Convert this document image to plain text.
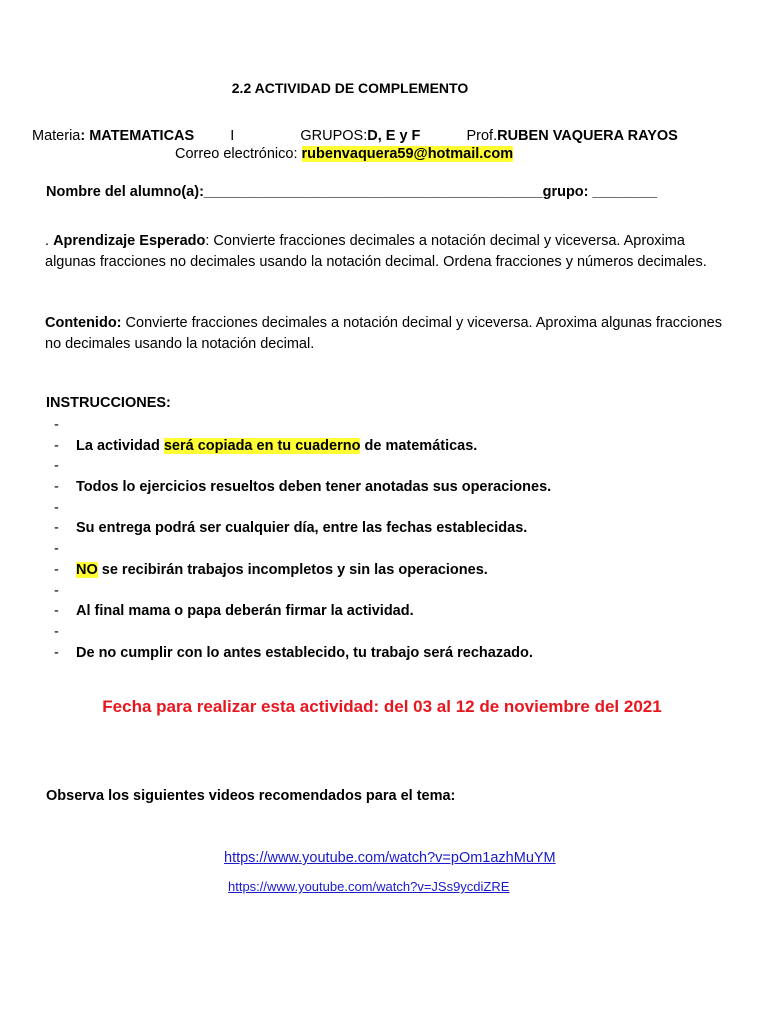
2.2 ACTIVIDAD DE COMPLEMENTO
Materia: MATEMATICAS I	GRUPOS:D, E y F	Prof.RUBEN VAQUERA RAYOS
Correo electrónico: rubenvaquera59@hotmail.com
Nombre del alumno(a):__________________________________________grupo: ________
. Aprendizaje Esperado: Convierte fracciones decimales a notación decimal y viceversa. Aproxima algunas fracciones no decimales usando la notación decimal. Ordena fracciones y números decimales.
Contenido: Convierte fracciones decimales a notación decimal y viceversa. Aproxima algunas fracciones no decimales usando la notación decimal.
INSTRUCCIONES:
-
-	La actividad será copiada en tu cuaderno de matemáticas.
-
-	Todos lo ejercicios resueltos deben tener anotadas sus operaciones.
-
-	Su entrega podrá ser cualquier día, entre las fechas establecidas.
-
-	NO se recibirán trabajos incompletos y sin las operaciones.
-
-	Al final mama o papa deberán firmar la actividad.
-
-	De no cumplir con lo antes establecido, tu trabajo será rechazado.
Fecha para realizar esta actividad: del 03 al 12 de noviembre del 2021
Observa los siguientes videos recomendados para el tema:
https://www.youtube.com/watch?v=pOm1azhMuYM
https://www.youtube.com/watch?v=JSs9ycdiZRE
